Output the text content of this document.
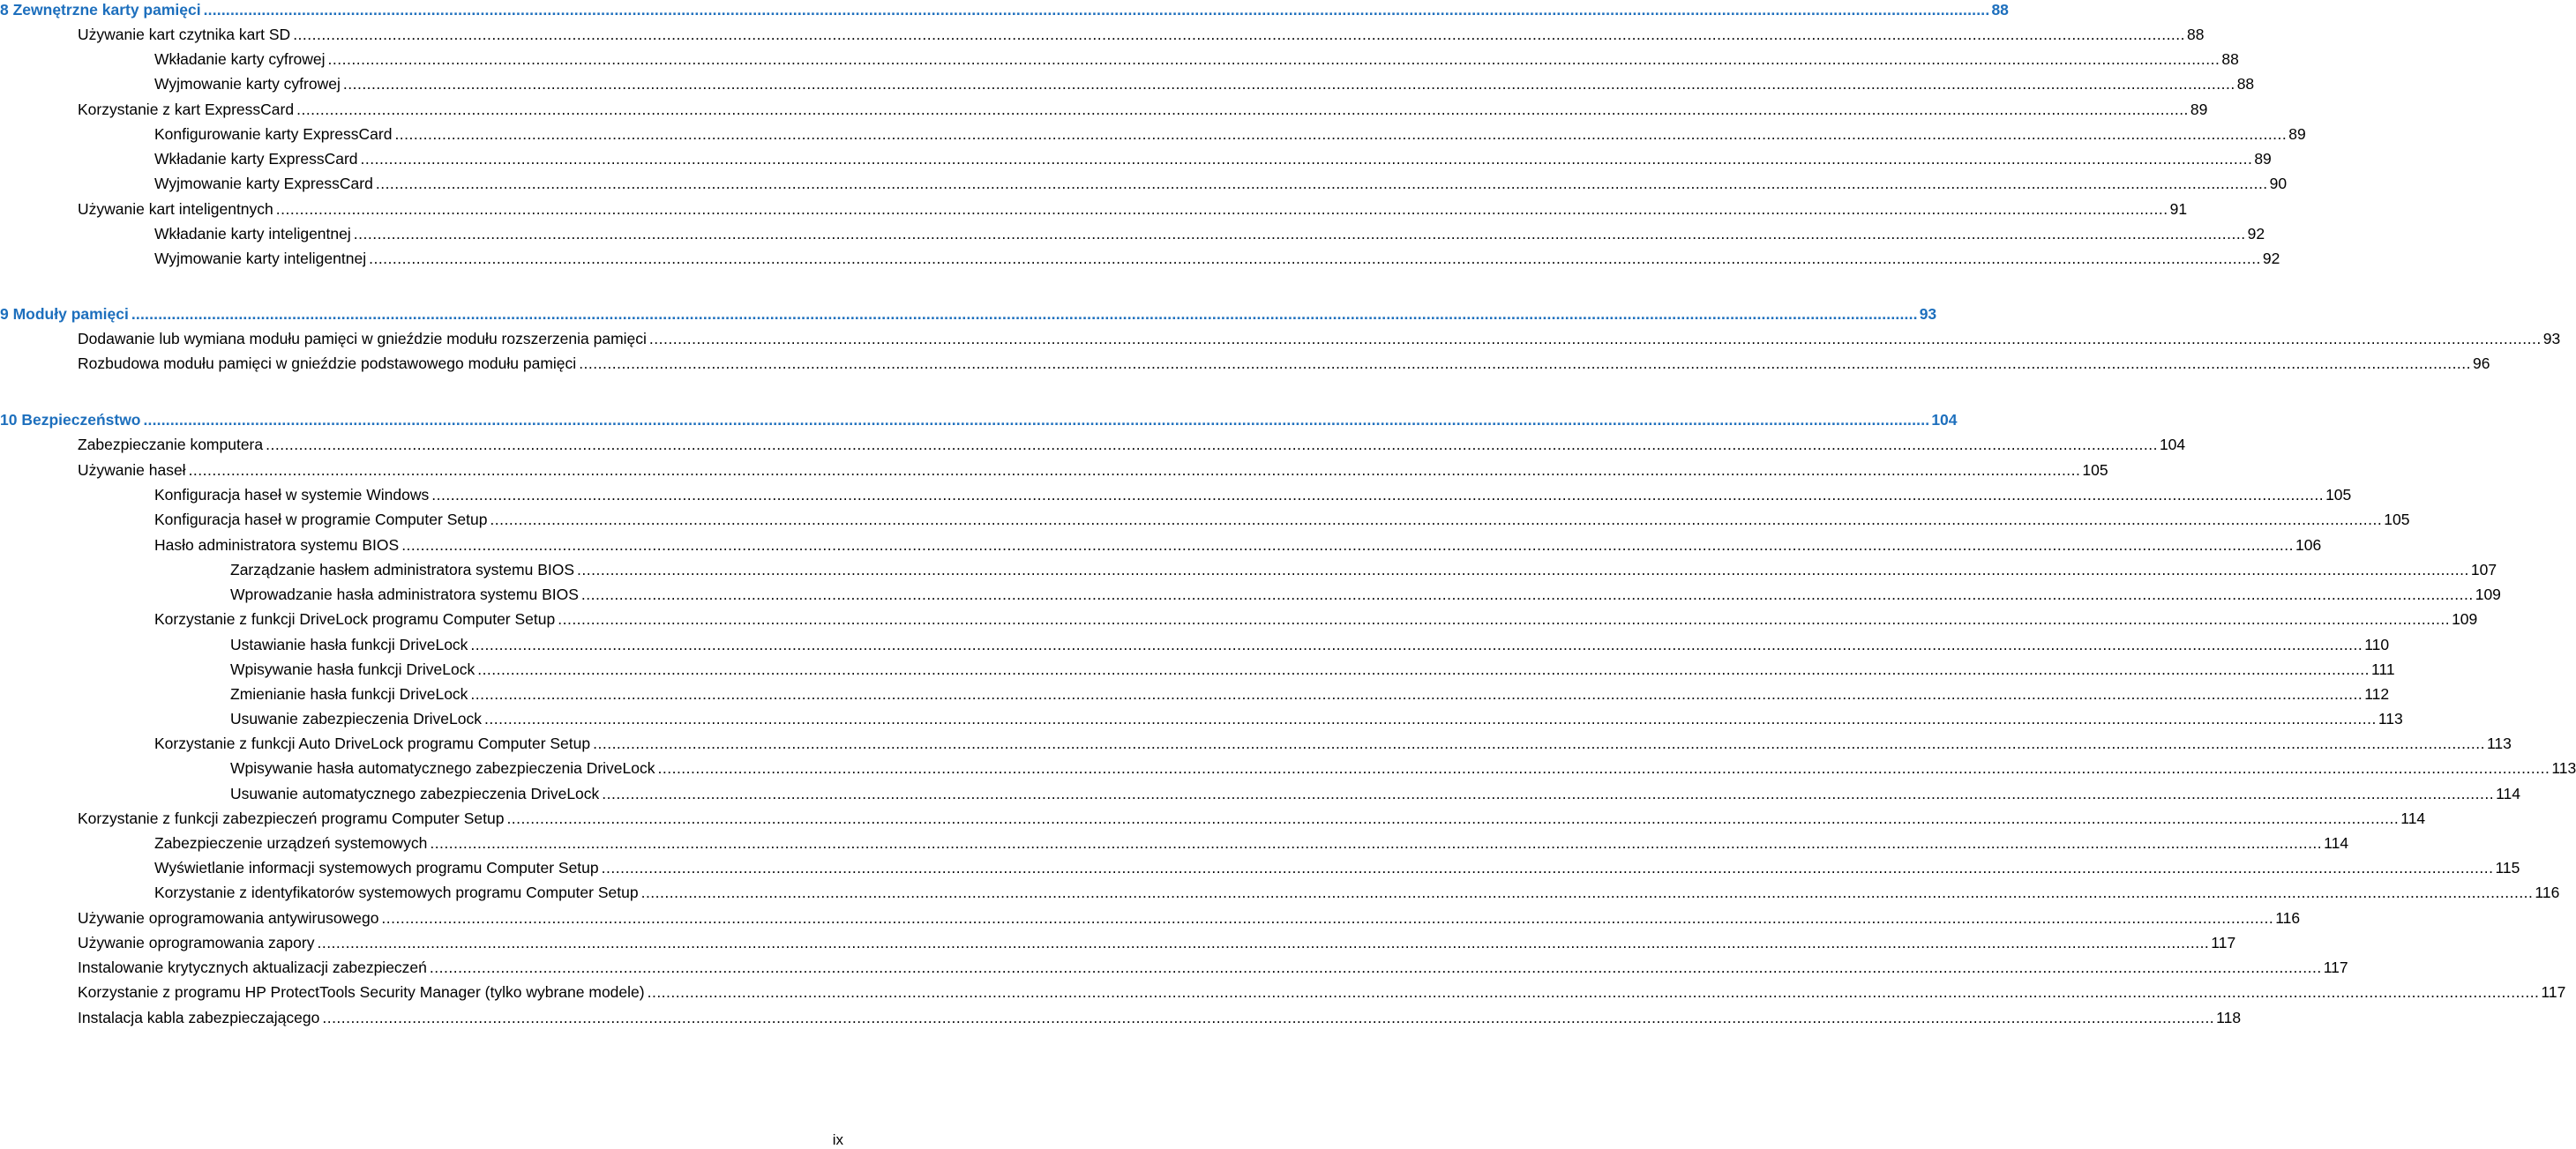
8 Zewnętrzne karty pamięci ................................................................................................................................................................................................................................................................................................................................................................................................................ 88
Używanie kart czytnika kart SD ................................................................................................................................................................................................................................................................................................................................................................................................................ 88
Wkładanie karty cyfrowej ................................................................................................................................................................................................................................................................................................................................................................................................................ 88
Wyjmowanie karty cyfrowej ................................................................................................................................................................................................................................................................................................................................................................................................................ 88
Korzystanie z kart ExpressCard ................................................................................................................................................................................................................................................................................................................................................................................................................ 89
Konfigurowanie karty ExpressCard ................................................................................................................................................................................................................................................................................................................................................................................................................ 89
Wkładanie karty ExpressCard ................................................................................................................................................................................................................................................................................................................................................................................................................ 89
Wyjmowanie karty ExpressCard ................................................................................................................................................................................................................................................................................................................................................................................................................ 90
Używanie kart inteligentnych ................................................................................................................................................................................................................................................................................................................................................................................................................ 91
Wkładanie karty inteligentnej ................................................................................................................................................................................................................................................................................................................................................................................................................ 92
Wyjmowanie karty inteligentnej ................................................................................................................................................................................................................................................................................................................................................................................................................ 92
9 Moduły pamięci ................................................................................................................................................................................................................................................................................................................................................................................................................ 93
Dodawanie lub wymiana modułu pamięci w gnieździe modułu rozszerzenia pamięci ................................................................................................................................................................................................................................................................................................................................................................................................................ 93
Rozbudowa modułu pamięci w gnieździe podstawowego modułu pamięci ................................................................................................................................................................................................................................................................................................................................................................................................................ 96
10 Bezpieczeństwo ................................................................................................................................................................................................................................................................................................................................................................................................................ 104
Zabezpieczanie komputera ................................................................................................................................................................................................................................................................................................................................................................................................................ 104
Używanie haseł ................................................................................................................................................................................................................................................................................................................................................................................................................ 105
Konfiguracja haseł w systemie Windows ................................................................................................................................................................................................................................................................................................................................................................................................................ 105
Konfiguracja haseł w programie Computer Setup ................................................................................................................................................................................................................................................................................................................................................................................................................ 105
Hasło administratora systemu BIOS ................................................................................................................................................................................................................................................................................................................................................................................................................ 106
Zarządzanie hasłem administratora systemu BIOS ................................................................................................................................................................................................................................................................................................................................................................................................................ 107
Wprowadzanie hasła administratora systemu BIOS ................................................................................................................................................................................................................................................................................................................................................................................................................ 109
Korzystanie z funkcji DriveLock programu Computer Setup ................................................................................................................................................................................................................................................................................................................................................................................................................ 109
Ustawianie hasła funkcji DriveLock ................................................................................................................................................................................................................................................................................................................................................................................................................ 110
Wpisywanie hasła funkcji DriveLock ................................................................................................................................................................................................................................................................................................................................................................................................................ 111
Zmienianie hasła funkcji DriveLock ................................................................................................................................................................................................................................................................................................................................................................................................................ 112
Usuwanie zabezpieczenia DriveLock ................................................................................................................................................................................................................................................................................................................................................................................................................ 113
Korzystanie z funkcji Auto DriveLock programu Computer Setup ................................................................................................................................................................................................................................................................................................................................................................................................................ 113
Wpisywanie hasła automatycznego zabezpieczenia DriveLock ................................................................................................................................................................................................................................................................................................................................................................................................................ 113
Usuwanie automatycznego zabezpieczenia DriveLock ................................................................................................................................................................................................................................................................................................................................................................................................................ 114
Korzystanie z funkcji zabezpieczeń programu Computer Setup ................................................................................................................................................................................................................................................................................................................................................................................................................ 114
Zabezpieczenie urządzeń systemowych ................................................................................................................................................................................................................................................................................................................................................................................................................ 114
Wyświetlanie informacji systemowych programu Computer Setup ................................................................................................................................................................................................................................................................................................................................................................................................................ 115
Korzystanie z identyfikatorów systemowych programu Computer Setup ................................................................................................................................................................................................................................................................................................................................................................................................................ 116
Używanie oprogramowania antywirusowego ................................................................................................................................................................................................................................................................................................................................................................................................................ 116
Używanie oprogramowania zapory ................................................................................................................................................................................................................................................................................................................................................................................................................ 117
Instalowanie krytycznych aktualizacji zabezpieczeń ................................................................................................................................................................................................................................................................................................................................................................................................................ 117
Korzystanie z programu HP ProtectTools Security Manager (tylko wybrane modele) ................................................................................................................................................................................................................................................................................................................................................................................................................ 117
Instalacja kabla zabezpieczającego ................................................................................................................................................................................................................................................................................................................................................................................................................ 118
ix
